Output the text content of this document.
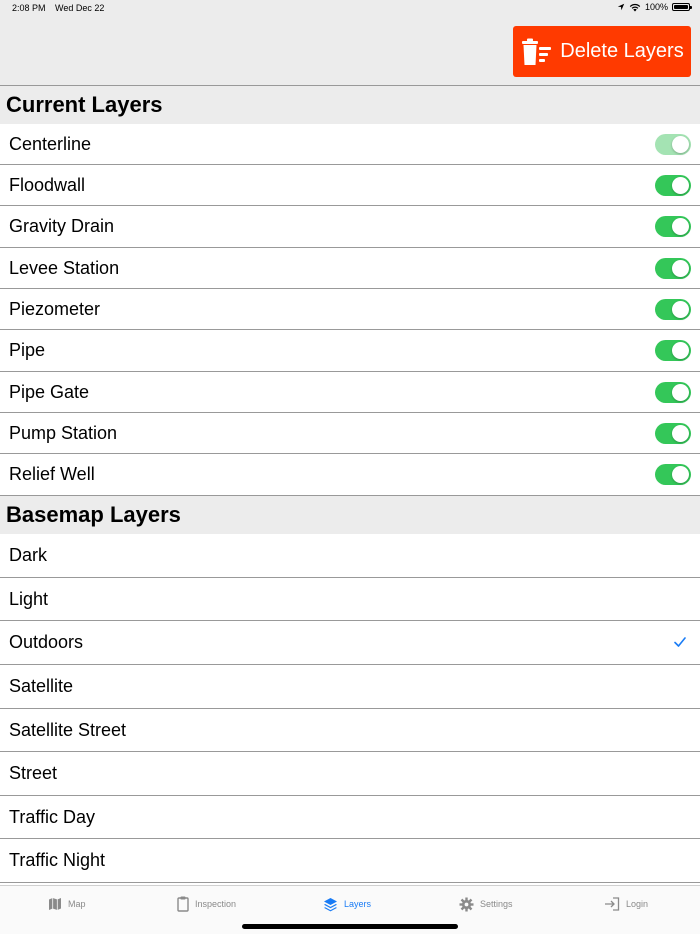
2:08 PM Wed Dec 22	100%
Delete Layers
Current Layers
Centerline
Floodwall
Gravity Drain
Levee Station
Piezometer
Pipe
Pipe Gate
Pump Station
Relief Well
Basemap Layers
Dark
Light
Outdoors
Satellite
Satellite Street
Street
Traffic Day
Traffic Night
Map	Inspection	Layers	Settings	Login
